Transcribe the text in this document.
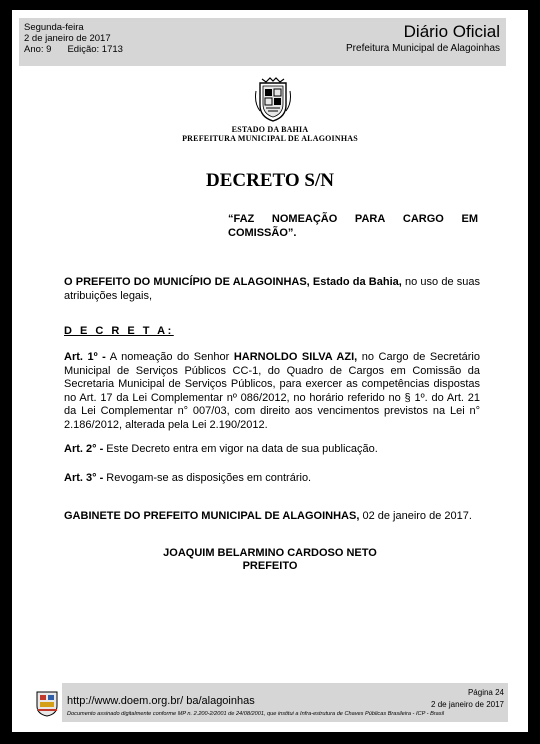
Segunda-feira
2 de janeiro de 2017
Ano: 9 Edição: 1713
Diário Oficial
Prefeitura Municipal de Alagoinhas
ESTADO DA BAHIA
PREFEITURA MUNICIPAL DE ALAGOINHAS
DECRETO S/N
“FAZ NOMEAÇÃO PARA CARGO EM
COMISSÃO”.
O PREFEITO DO MUNICÍPIO DE ALAGOINHAS, Estado da Bahia, no uso de suas atribuições legais,
D E C R E T A:
Art. 1º - A nomeação do Senhor HARNOLDO SILVA AZI, no Cargo de Secretário Municipal de Serviços Públicos CC-1, do Quadro de Cargos em Comissão da Secretaria Municipal de Serviços Públicos, para exercer as competências dispostas no Art. 17 da Lei Complementar nº 086/2012, no horário referido no § 1º. do Art. 21 da Lei Complementar n° 007/03, com direito aos vencimentos previstos na Lei n° 2.186/2012, alterada pela Lei 2.190/2012.
Art. 2° - Este Decreto entra em vigor na data de sua publicação.
Art. 3° - Revogam-se as disposições em contrário.
GABINETE DO PREFEITO MUNICIPAL DE ALAGOINHAS, 02 de janeiro de 2017.
JOAQUIM BELARMINO CARDOSO NETO
PREFEITO
http://www.doem.org.br/ ba/alagoinhas
Página 24
2 de janeiro de 2017
Documento assinado digitalmente conforme MP n. 2.200-2/2001 de 24/08/2001, que institui a Infra-estrutura de Chaves Públicas Brasileira - ICP - Brasil
